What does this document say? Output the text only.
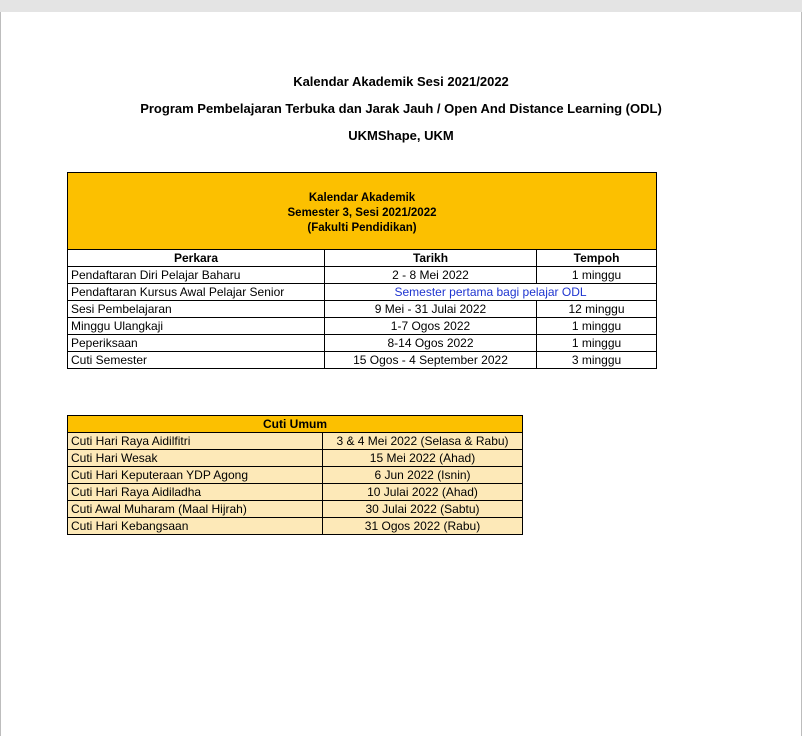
Kalendar Akademik Sesi 2021/2022
Program Pembelajaran Terbuka dan Jarak Jauh / Open And Distance Learning (ODL)
UKMShape, UKM
Kalendar Akademik
Semester 3, Sesi 2021/2022
(Fakulti Pendidikan)		

Perkara	Tarikh	Tempoh
Pendaftaran Diri Pelajar Baharu	2 - 8 Mei 2022	1 minggu
Pendaftaran Kursus Awal Pelajar Senior	Semester pertama bagi pelajar ODL	
Sesi Pembelajaran	9 Mei - 31 Julai 2022	12 minggu
Minggu Ulangkaji	1-7 Ogos 2022	1 minggu
Peperiksaan	8-14 Ogos 2022	1 minggu
Cuti Semester	15 Ogos - 4 September 2022	3 minggu
Cuti Umum	
Cuti Hari Raya Aidilfitri	3 & 4 Mei 2022 (Selasa & Rabu)
Cuti Hari Wesak	15 Mei 2022 (Ahad)
Cuti Hari Keputeraan YDP Agong	6 Jun 2022 (Isnin)
Cuti Hari Raya Aidiladha	10 Julai 2022 (Ahad)
Cuti Awal Muharam (Maal Hijrah)	30 Julai 2022 (Sabtu)
Cuti Hari Kebangsaan	31 Ogos 2022 (Rabu)
